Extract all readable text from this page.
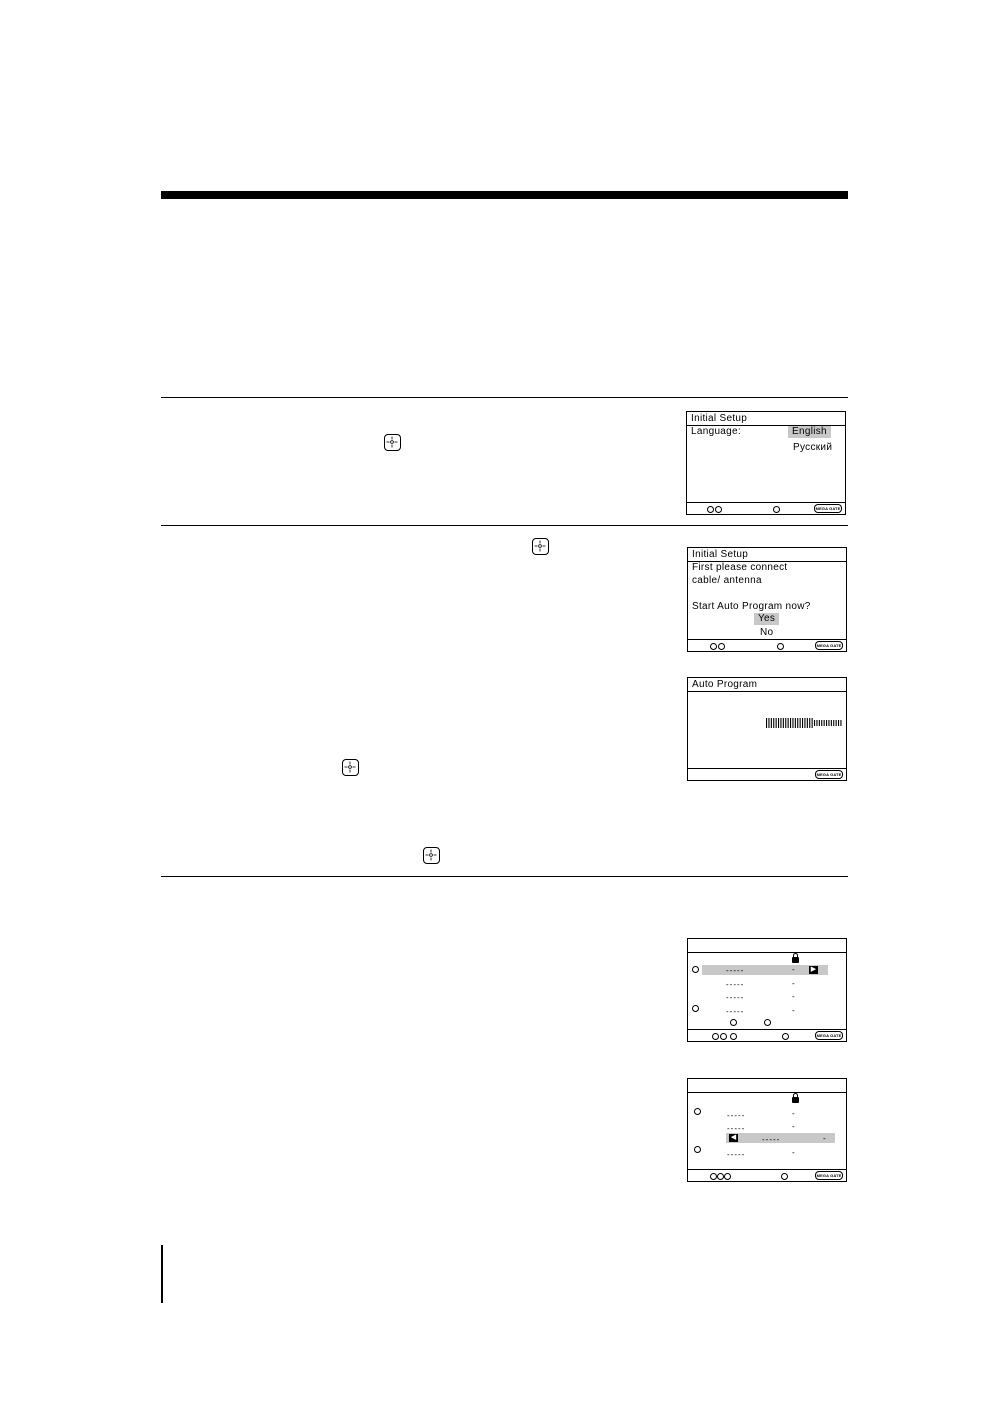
Initial Setup
Language:	English
Русский
MEGA GATE
Initial Setup
First please connect
cable/ antenna
Start Auto Program now?
Yes
No
MEGA GATE
Auto Program
MEGA GATE
-----	- ▶
-----	-
-----	-
-----	-
MEGA GATE
-----	-
-----	-
◀	-----	-
-----	-
MEGA GATE
